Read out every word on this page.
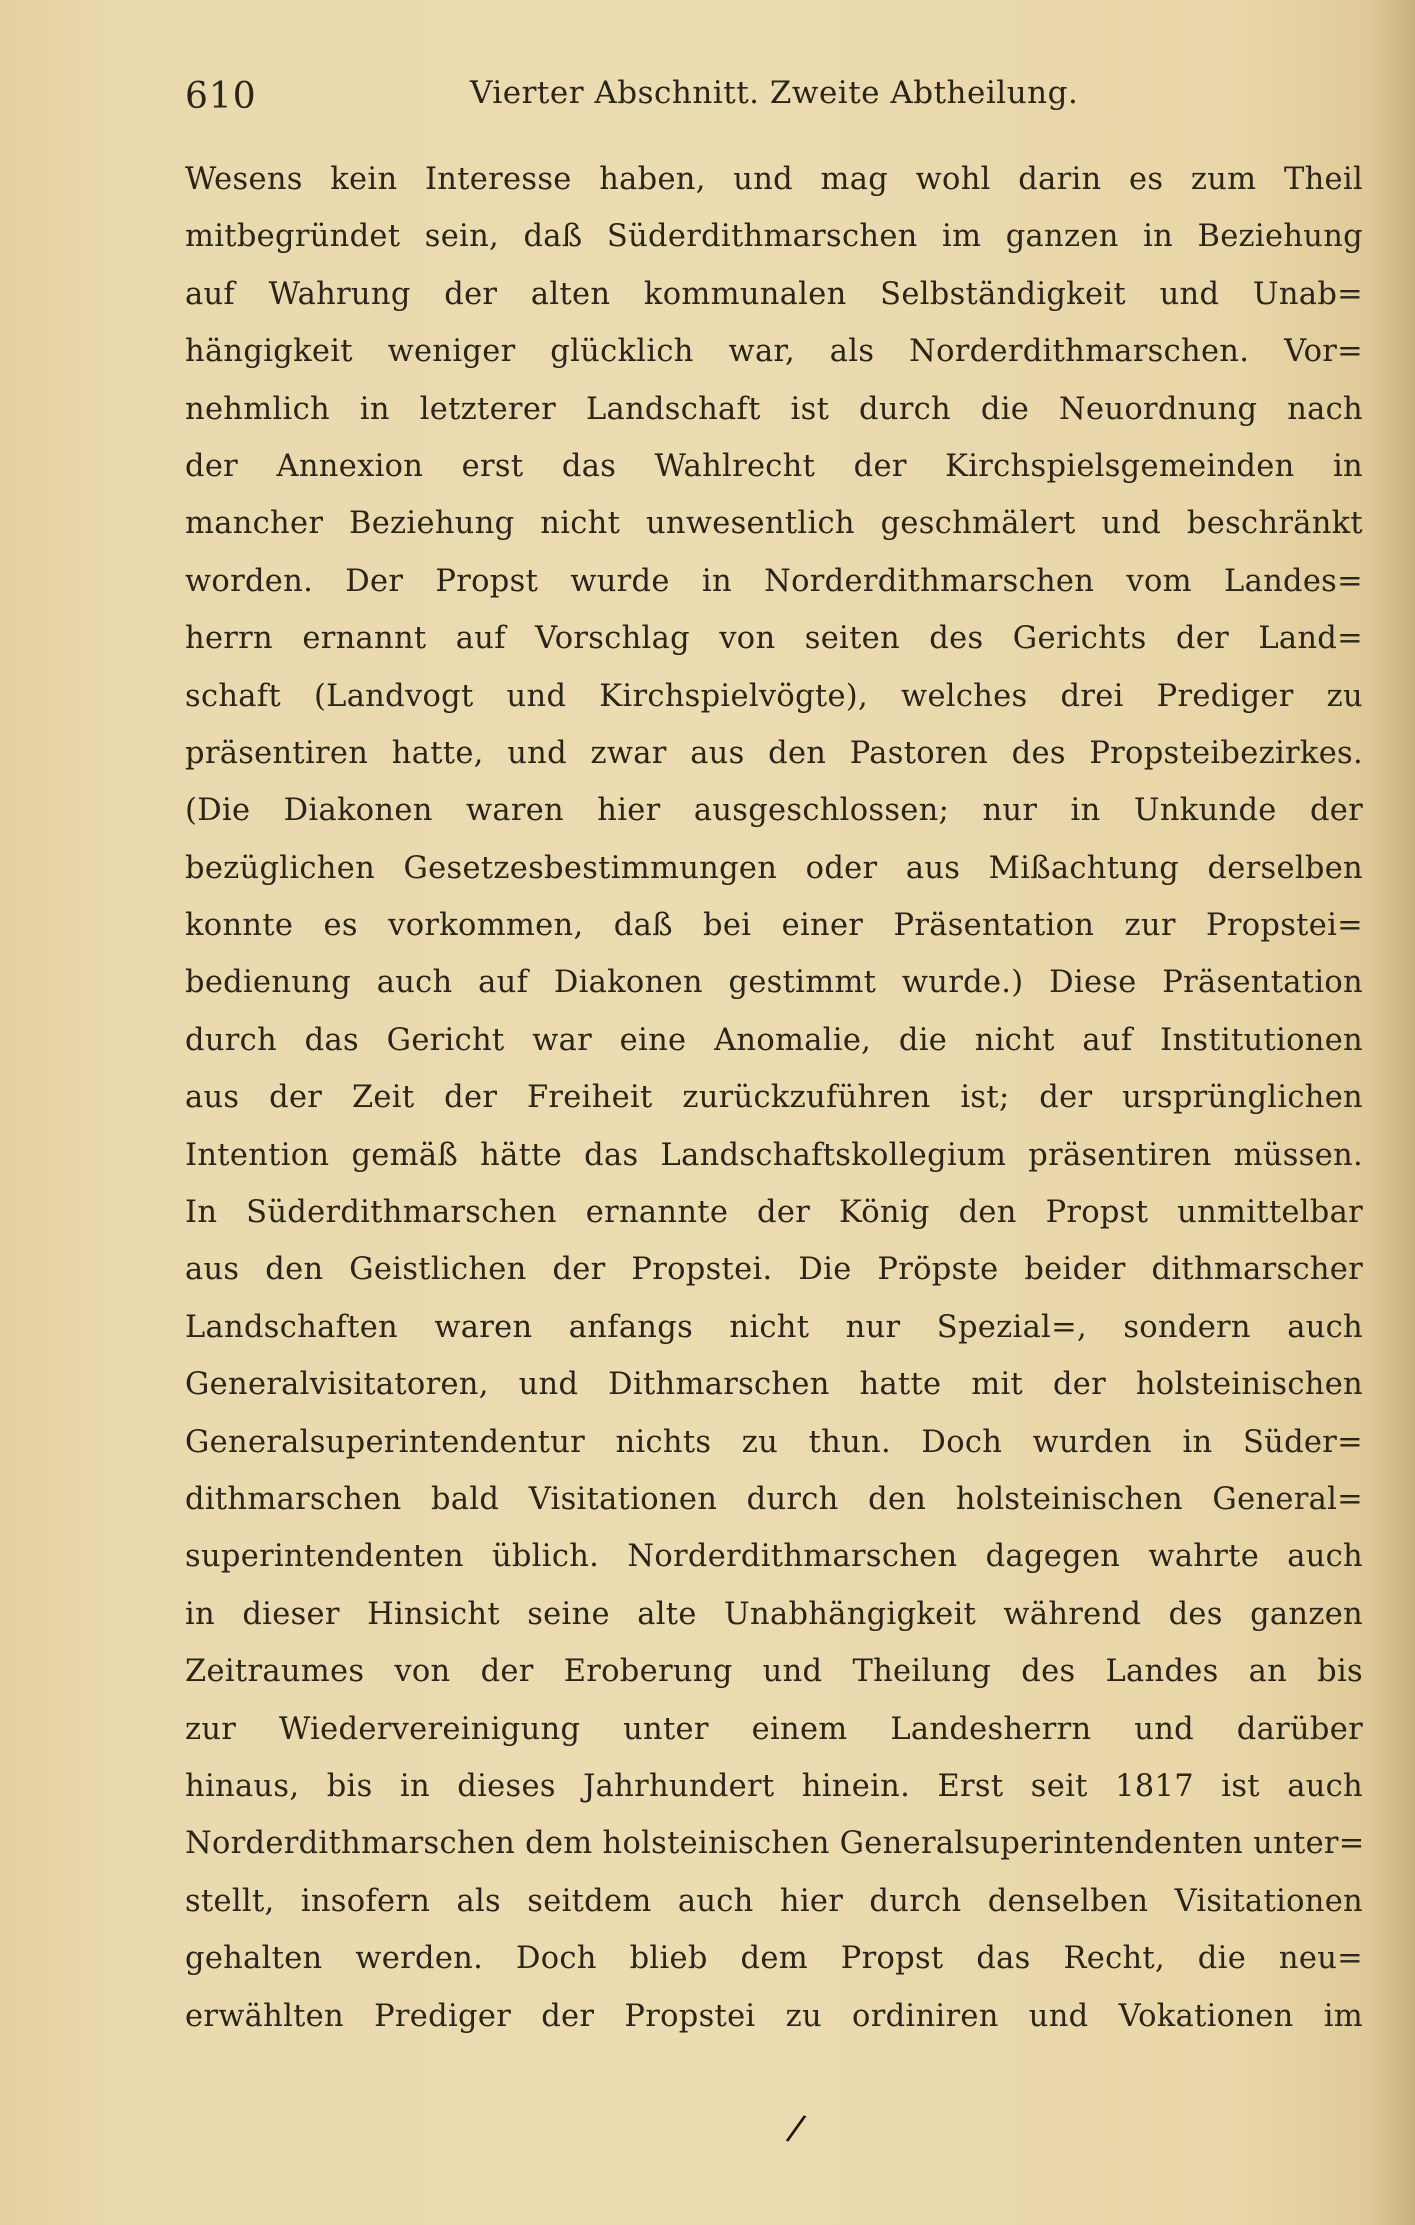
610	Vierter Abschnitt. Zweite Abtheilung.
Wesens kein Interesse haben, und mag wohl darin es zum Theil
mitbegründet sein, daß Süderdithmarschen im ganzen in Beziehung
auf Wahrung der alten kommunalen Selbständigkeit und Unab=
hängigkeit weniger glücklich war, als Norderdithmarschen. Vor=
nehmlich in letzterer Landschaft ist durch die Neuordnung nach
der Annexion erst das Wahlrecht der Kirchspielsgemeinden in
mancher Beziehung nicht unwesentlich geschmälert und beschränkt
worden. Der Propst wurde in Norderdithmarschen vom Landes=
herrn ernannt auf Vorschlag von seiten des Gerichts der Land=
schaft (Landvogt und Kirchspielvögte), welches drei Prediger zu
präsentiren hatte, und zwar aus den Pastoren des Propsteibezirkes.
(Die Diakonen waren hier ausgeschlossen; nur in Unkunde der
bezüglichen Gesetzesbestimmungen oder aus Mißachtung derselben
konnte es vorkommen, daß bei einer Präsentation zur Propstei=
bedienung auch auf Diakonen gestimmt wurde.) Diese Präsentation
durch das Gericht war eine Anomalie, die nicht auf Institutionen
aus der Zeit der Freiheit zurückzuführen ist; der ursprünglichen
Intention gemäß hätte das Landschaftskollegium präsentiren müssen.
In Süderdithmarschen ernannte der König den Propst unmittelbar
aus den Geistlichen der Propstei. Die Pröpste beider dithmarscher
Landschaften waren anfangs nicht nur Spezial=, sondern auch
Generalvisitatoren, und Dithmarschen hatte mit der holsteinischen
Generalsuperintendentur nichts zu thun. Doch wurden in Süder=
dithmarschen bald Visitationen durch den holsteinischen General=
superintendenten üblich. Norderdithmarschen dagegen wahrte auch
in dieser Hinsicht seine alte Unabhängigkeit während des ganzen
Zeitraumes von der Eroberung und Theilung des Landes an bis
zur Wiedervereinigung unter einem Landesherrn und darüber
hinaus, bis in dieses Jahrhundert hinein. Erst seit 1817 ist auch
Norderdithmarschen dem holsteinischen Generalsuperintendenten unter=
stellt, insofern als seitdem auch hier durch denselben Visitationen
gehalten werden. Doch blieb dem Propst das Recht, die neu=
erwählten Prediger der Propstei zu ordiniren und Vokationen im
/
